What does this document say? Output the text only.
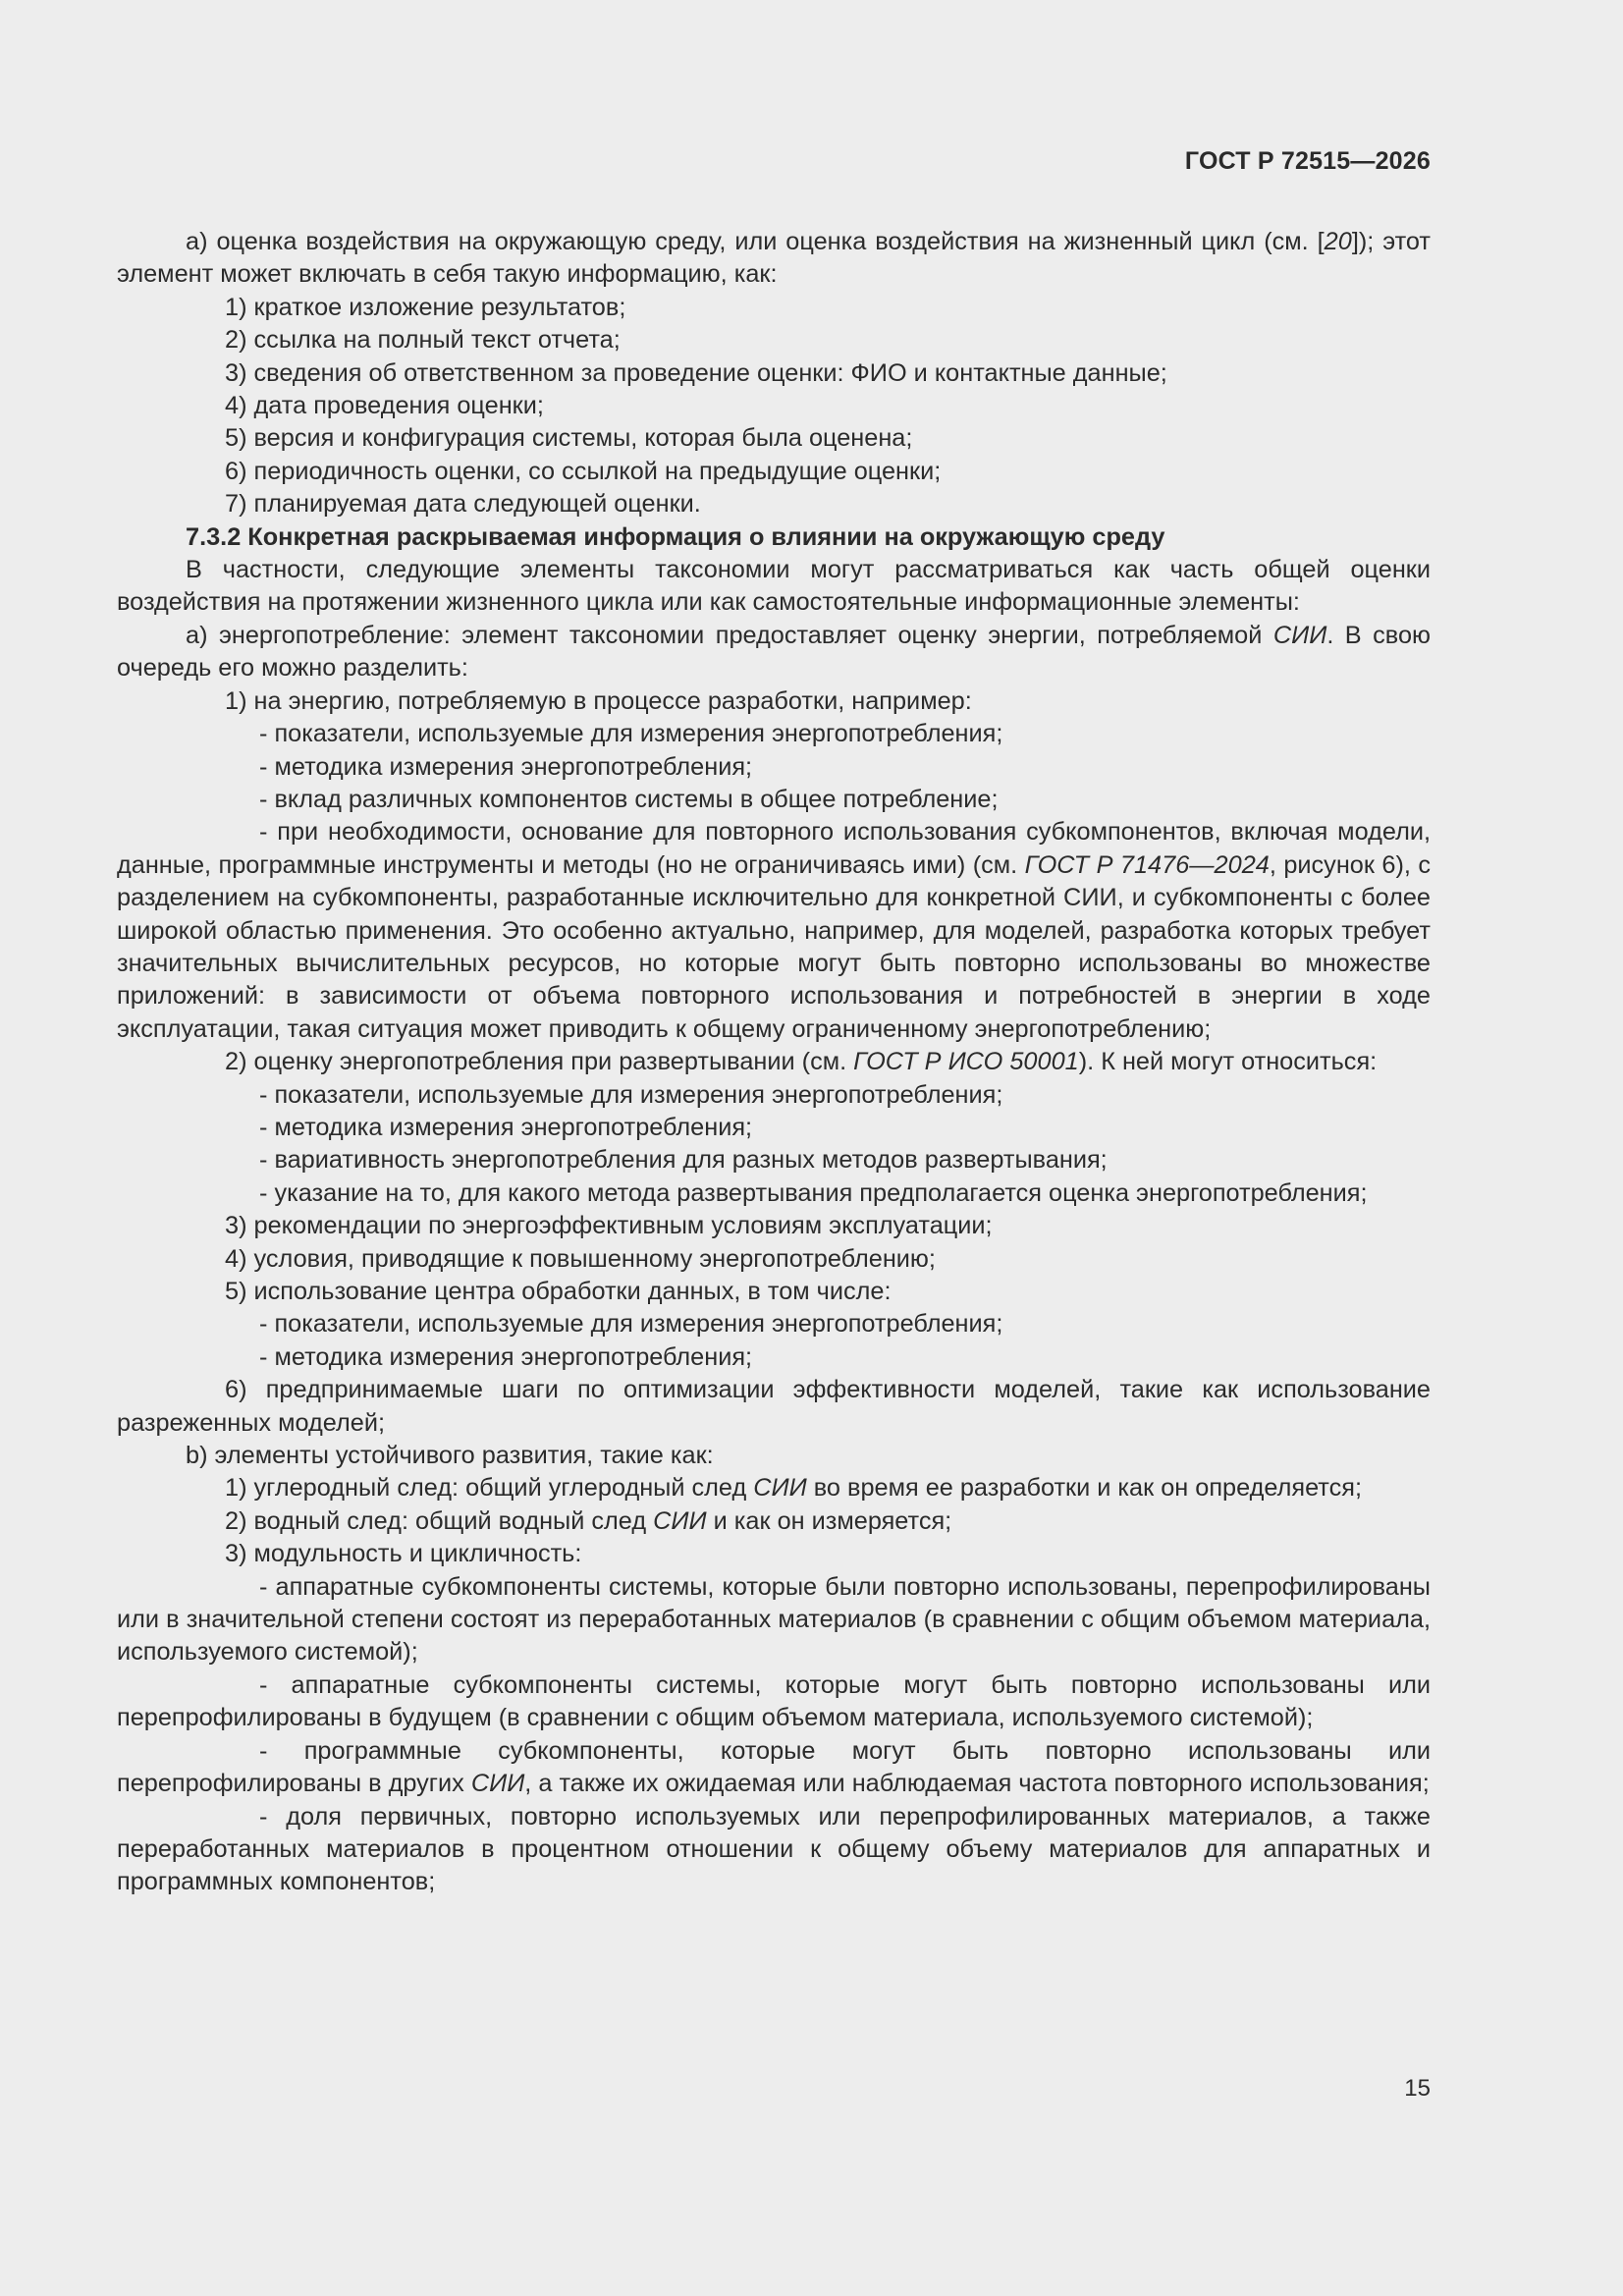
ГОСТ Р 72515—2026

а) оценка воздействия на окружающую среду, или оценка воздействия на жизненный цикл (см. [20]); этот элемент может включать в себя такую информацию, как:

1) краткое изложение результатов;

2) ссылка на полный текст отчета;

3) сведения об ответственном за проведение оценки: ФИО и контактные данные;

4) дата проведения оценки;

5) версия и конфигурация системы, которая была оценена;

6) периодичность оценки, со ссылкой на предыдущие оценки;

7) планируемая дата следующей оценки.

7.3.2 Конкретная раскрываемая информация о влиянии на окружающую среду

В частности, следующие элементы таксономии могут рассматриваться как часть общей оценки воздействия на протяжении жизненного цикла или как самостоятельные информационные элементы:

а) энергопотребление: элемент таксономии предоставляет оценку энергии, потребляемой СИИ. В свою очередь его можно разделить:

1) на энергию, потребляемую в процессе разработки, например:

- показатели, используемые для измерения энергопотребления;

- методика измерения энергопотребления;

- вклад различных компонентов системы в общее потребление;

- при необходимости, основание для повторного использования субкомпонентов, включая модели, данные, программные инструменты и методы (но не ограничиваясь ими) (см. ГОСТ Р 71476—2024, рисунок 6), с разделением на субкомпоненты, разработанные исключительно для конкретной СИИ, и субкомпоненты с более широкой областью применения. Это особенно актуально, например, для моделей, разработка которых требует значительных вычислительных ресурсов, но которые могут быть повторно использованы во множестве приложений: в зависимости от объема повторного использования и потребностей в энергии в ходе эксплуатации, такая ситуация может приводить к общему ограниченному энергопотреблению;

2) оценку энергопотребления при развертывании (см. ГОСТ Р ИСО 50001). К ней могут относиться:

- показатели, используемые для измерения энергопотребления;

- методика измерения энергопотребления;

- вариативность энергопотребления для разных методов развертывания;

- указание на то, для какого метода развертывания предполагается оценка энергопотребления;

3) рекомендации по энергоэффективным условиям эксплуатации;

4) условия, приводящие к повышенному энергопотреблению;

5) использование центра обработки данных, в том числе:

- показатели, используемые для измерения энергопотребления;

- методика измерения энергопотребления;

6) предпринимаемые шаги по оптимизации эффективности моделей, такие как использование разреженных моделей;

b) элементы устойчивого развития, такие как:

1) углеродный след: общий углеродный след СИИ во время ее разработки и как он определяется;

2) водный след: общий водный след СИИ и как он измеряется;

3) модульность и цикличность:

- аппаратные субкомпоненты системы, которые были повторно использованы, перепрофилированы или в значительной степени состоят из переработанных материалов (в сравнении с общим объемом материала, используемого системой);

- аппаратные субкомпоненты системы, которые могут быть повторно использованы или перепрофилированы в будущем (в сравнении с общим объемом материала, используемого системой);

- программные субкомпоненты, которые могут быть повторно использованы или перепрофилированы в других СИИ, а также их ожидаемая или наблюдаемая частота повторного использования;

- доля первичных, повторно используемых или перепрофилированных материалов, а также переработанных материалов в процентном отношении к общему объему материалов для аппаратных и программных компонентов;

15
